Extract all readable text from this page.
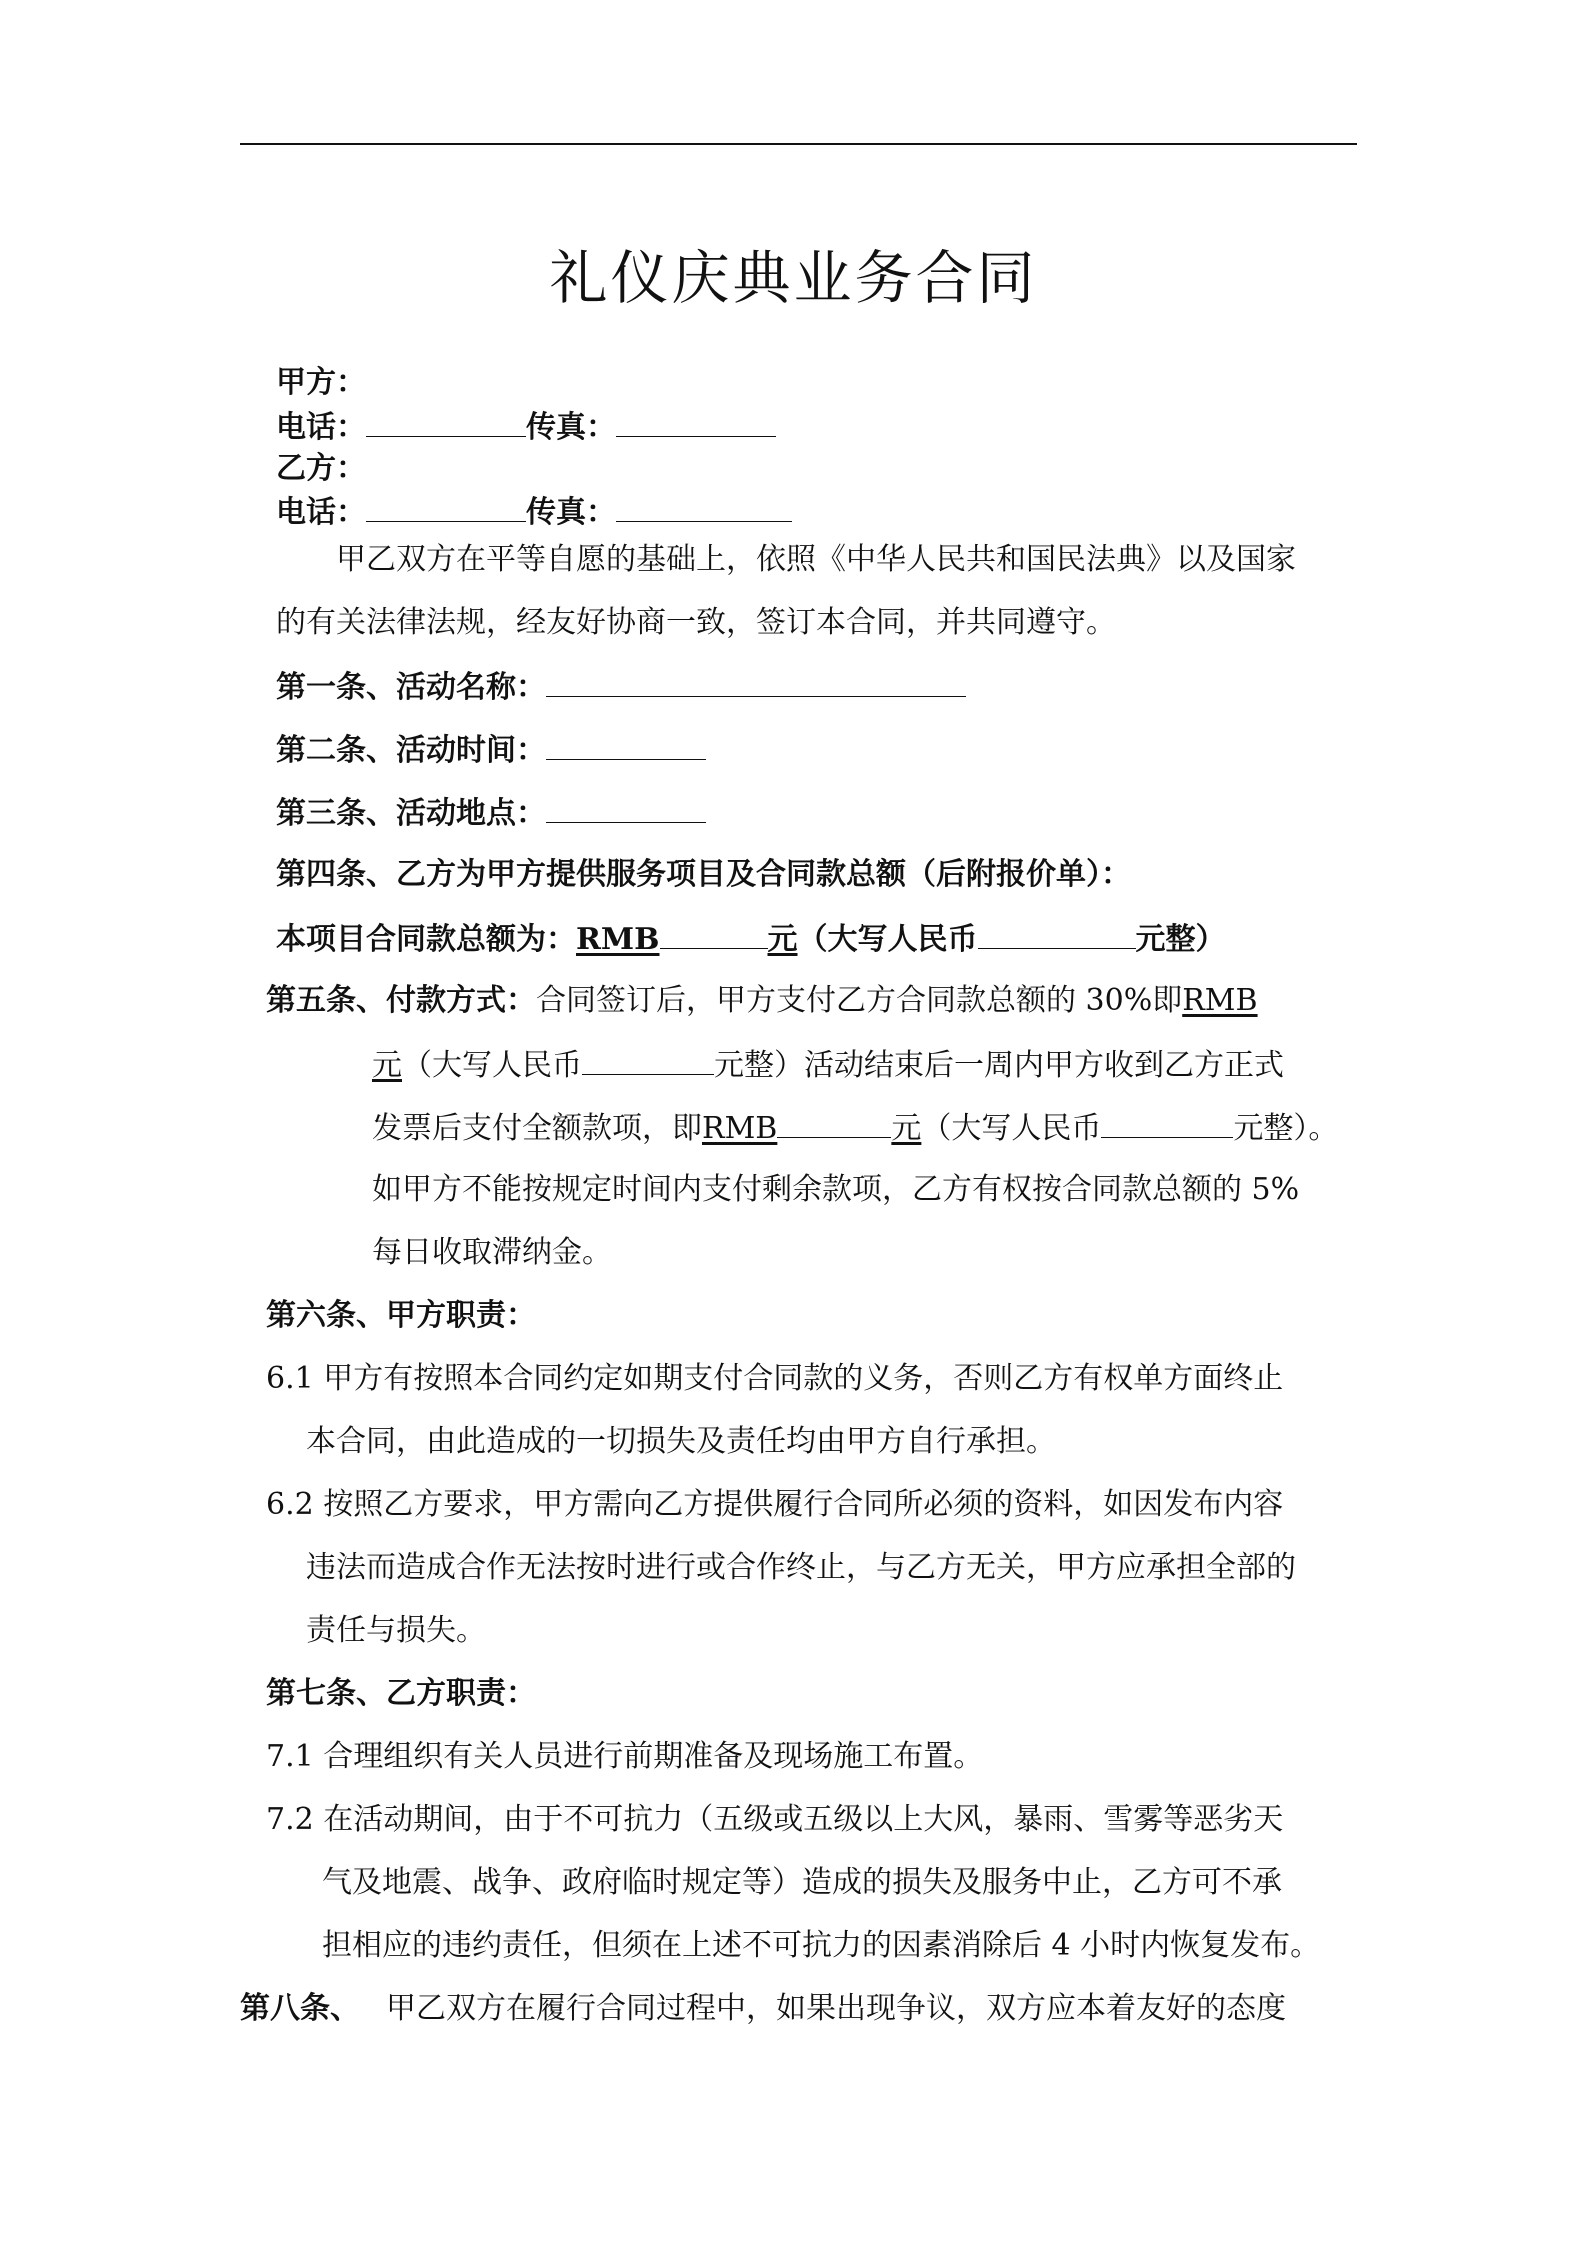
礼仪庆典业务合同
甲方：
电话：	传真：
乙方：
电话：	传真：
甲乙双方在平等自愿的基础上，依照《中华人民共和国民法典》以及国家
的有关法律法规，经友好协商一致，签订本合同，并共同遵守。
第一条、活动名称：
第二条、活动时间：
第三条、活动地点：
第四条、乙方为甲方提供服务项目及合同款总额（后附报价单）：
本项目合同款总额为：RMB	元（大写人民币	元整）
第五条、付款方式：合同签订后，甲方支付乙方合同款总额的 30%即RMB
元（大写人民币	元整）活动结束后一周内甲方收到乙方正式
发票后支付全额款项，即RMB	元（大写人民币	元整）。
如甲方不能按规定时间内支付剩余款项，乙方有权按合同款总额的 5%
每日收取滞纳金。
第六条、甲方职责：
6.1 甲方有按照本合同约定如期支付合同款的义务，否则乙方有权单方面终止
本合同，由此造成的一切损失及责任均由甲方自行承担。
6.2 按照乙方要求，甲方需向乙方提供履行合同所必须的资料，如因发布内容
违法而造成合作无法按时进行或合作终止，与乙方无关，甲方应承担全部的
责任与损失。
第七条、乙方职责：
7.1 合理组织有关人员进行前期准备及现场施工布置。
7.2 在活动期间，由于不可抗力（五级或五级以上大风，暴雨、雪雾等恶劣天
气及地震、战争、政府临时规定等）造成的损失及服务中止，乙方可不承
担相应的违约责任，但须在上述不可抗力的因素消除后 4 小时内恢复发布。
第八条、 甲乙双方在履行合同过程中，如果出现争议，双方应本着友好的态度
